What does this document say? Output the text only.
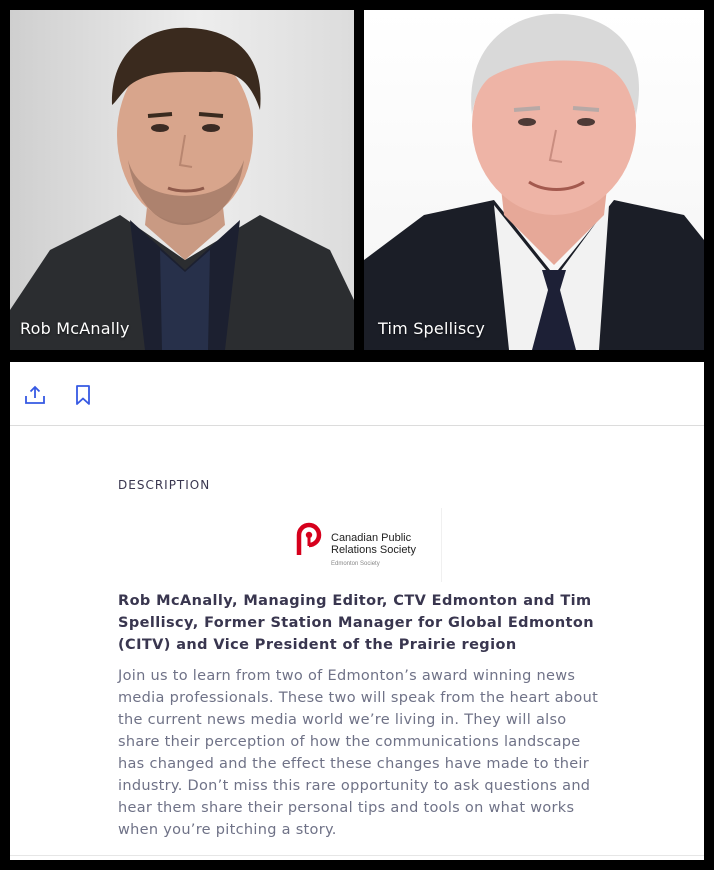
Rob McAnally	Tim Spelliscy
DESCRIPTION
Canadian Public Relations Society
Edmonton Society
Rob McAnally, Managing Editor, CTV Edmonton and Tim Spelliscy, Former Station Manager for Global Edmonton (CITV) and Vice President of the Prairie region
Join us to learn from two of Edmonton’s award winning news media professionals. These two will speak from the heart about the current news media world we’re living in. They will also share their perception of how the communications landscape has changed and the effect these changes have made to their industry. Don’t miss this rare opportunity to ask questions and hear them share their personal tips and tools on what works when you’re pitching a story.
